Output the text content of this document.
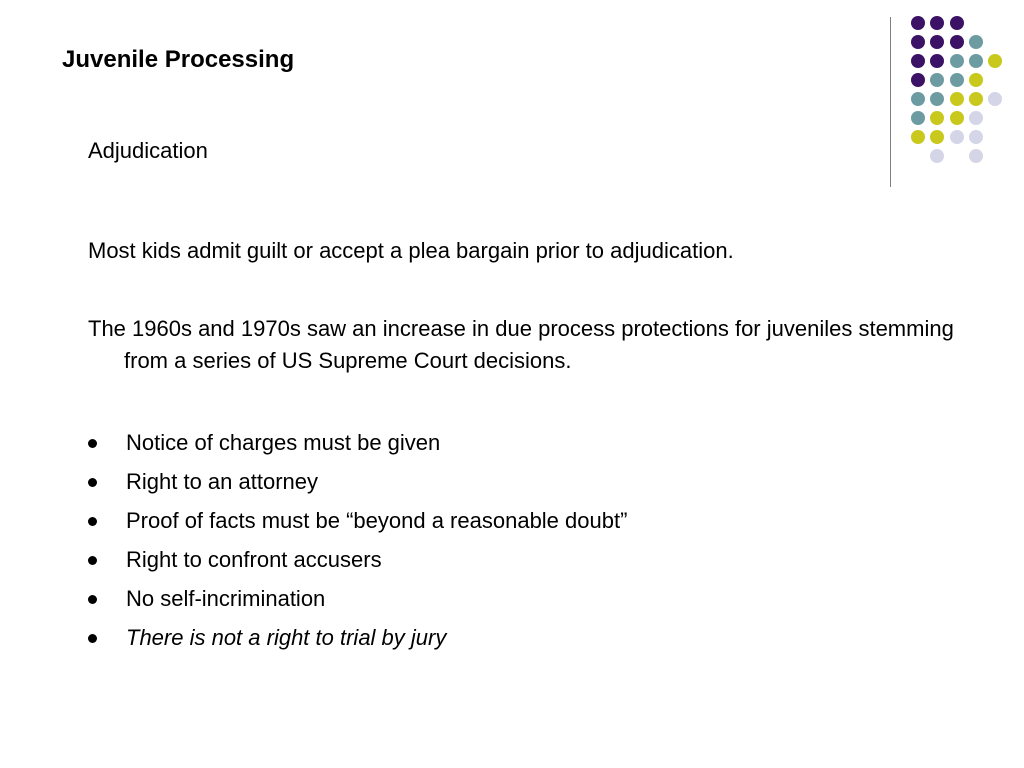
Juvenile Processing
Adjudication
Most kids admit guilt or accept a plea bargain prior to adjudication.
The 1960s and 1970s saw an increase in due process protections for juveniles stemming from a series of US Supreme Court decisions.
Notice of charges must be given
Right to an attorney
Proof of facts must be “beyond a reasonable doubt”
Right to confront accusers
No self-incrimination
There is not a right to trial by jury
